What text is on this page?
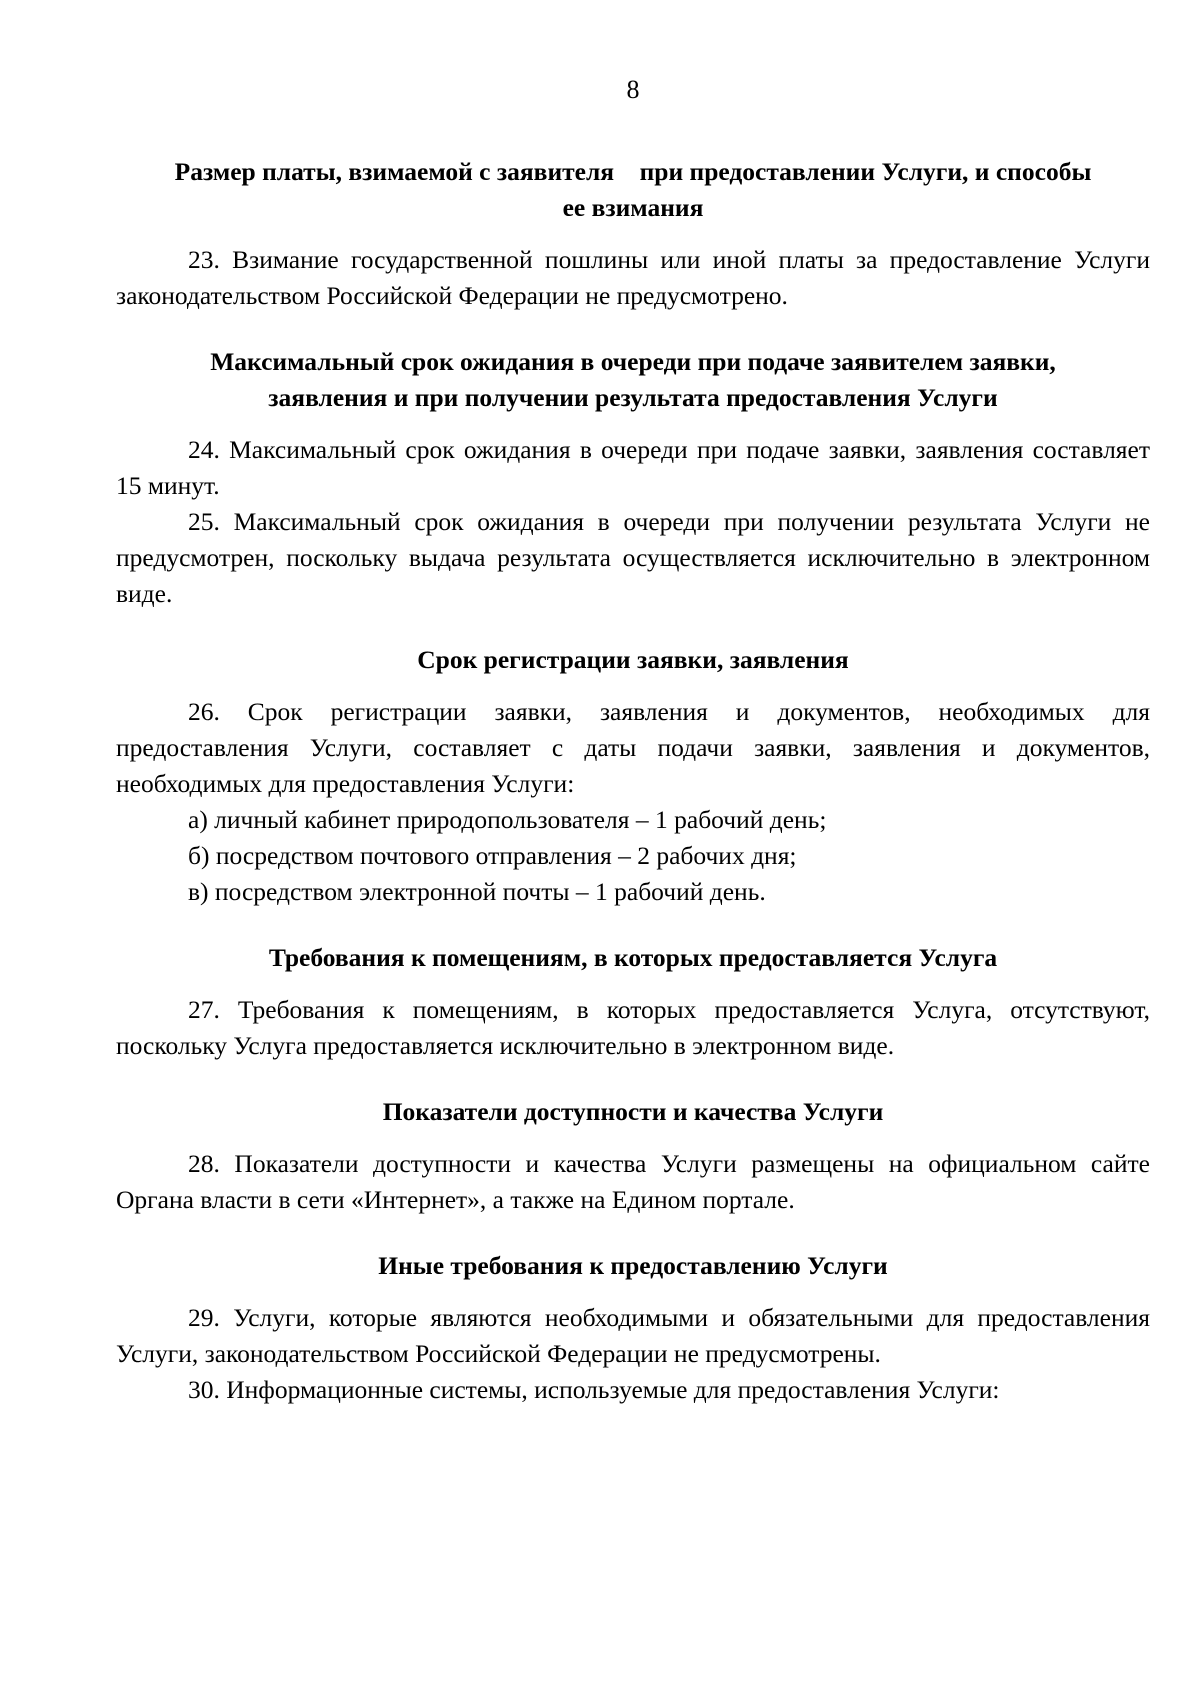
8
Размер платы, взимаемой с заявителя    при предоставлении Услуги, и способы
ее взимания

23. Взимание государственной пошлины или иной платы за предоставление Услуги законодательством Российской Федерации не предусмотрено.

Максимальный срок ожидания в очереди при подаче заявителем заявки,
заявления и при получении результата предоставления Услуги

24. Максимальный срок ожидания в очереди при подаче заявки, заявления составляет 15 минут.

25. Максимальный срок ожидания в очереди при получении результата Услуги не предусмотрен, поскольку выдача результата осуществляется исключительно в электронном виде.

Срок регистрации заявки, заявления

26. Срок регистрации заявки, заявления и документов, необходимых для предоставления Услуги, составляет с даты подачи заявки, заявления и документов, необходимых для предоставления Услуги:

а) личный кабинет природопользователя – 1 рабочий день;

б) посредством почтового отправления – 2 рабочих дня;

в) посредством электронной почты – 1 рабочий день.

Требования к помещениям, в которых предоставляется Услуга

27. Требования к помещениям, в которых предоставляется Услуга, отсутствуют, поскольку Услуга предоставляется исключительно в электронном виде.

Показатели доступности и качества Услуги

28. Показатели доступности и качества Услуги размещены на официальном сайте Органа власти в сети «Интернет», а также на Едином портале.

Иные требования к предоставлению Услуги

29. Услуги, которые являются необходимыми и обязательными для предоставления Услуги, законодательством Российской Федерации не предусмотрены.

30. Информационные системы, используемые для предоставления Услуги:
